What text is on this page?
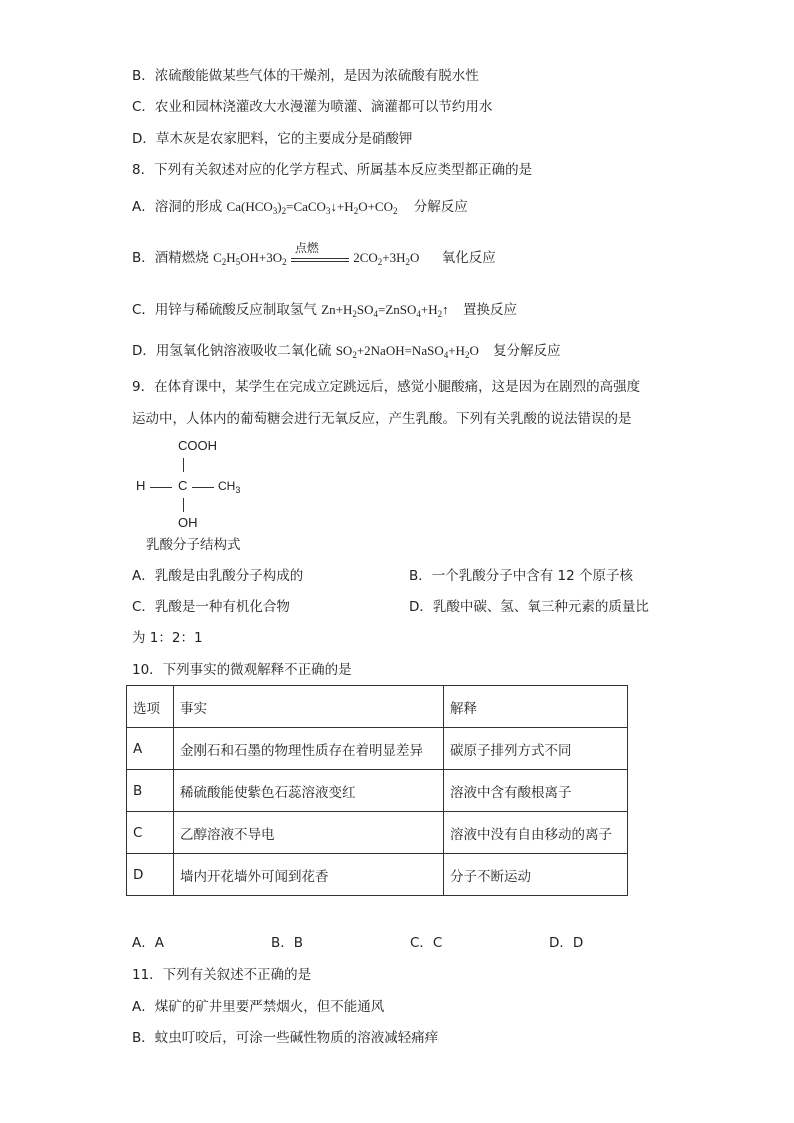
B．浓硫酸能做某些气体的干燥剂，是因为浓硫酸有脱水性
C．农业和园林浇灌改大水漫灌为喷灌、滴灌都可以节约用水
D．草木灰是农家肥料，它的主要成分是硝酸钾
8．下列有关叙述对应的化学方程式、所属基本反应类型都正确的是
A．溶洞的形成 $Ca(HCO_3)_2=CaCO_3↓+H_2O+CO_2$ 分解反应
B．酒精燃烧 $C_2H_5OH+3O_2$
点燃
$2CO_2+3H_2O$ 氧化反应
C．用锌与稀硫酸反应制取氢气 $Zn+H_2SO_4=ZnSO_4+H_2↑$ 置换反应
D．用氢氧化钠溶液吸收二氧化硫 $SO_2+2NaOH=NaSO_4+H_2O$ 复分解反应
9．在体育课中，某学生在完成立定跳远后，感觉小腿酸痛，这是因为在剧烈的高强度
运动中，人体内的葡萄糖会进行无氧反应，产生乳酸。下列有关乳酸的说法错误的是
COOH
H	C	$CH_3$
OH
乳酸分子结构式
A．乳酸是由乳酸分子构成的	B．一个乳酸分子中含有 12 个原子核
C．乳酸是一种有机化合物	D．乳酸中碳、氢、氧三种元素的质量比
为 1：2：1
10．下列事实的微观解释不正确的是
选项	事实	解释
A	金刚石和石墨的物理性质存在着明显差异	碳原子排列方式不同
B	稀硫酸能使紫色石蕊溶液变红	溶液中含有酸根离子
C	乙醇溶液不导电	溶液中没有自由移动的离子
D	墙内开花墙外可闻到花香	分子不断运动
A．A	B．B	C．C	D．D
11．下列有关叙述不正确的是
A．煤矿的矿井里要严禁烟火，但不能通风
B．蚊虫叮咬后，可涂一些碱性物质的溶液减轻痛痒
